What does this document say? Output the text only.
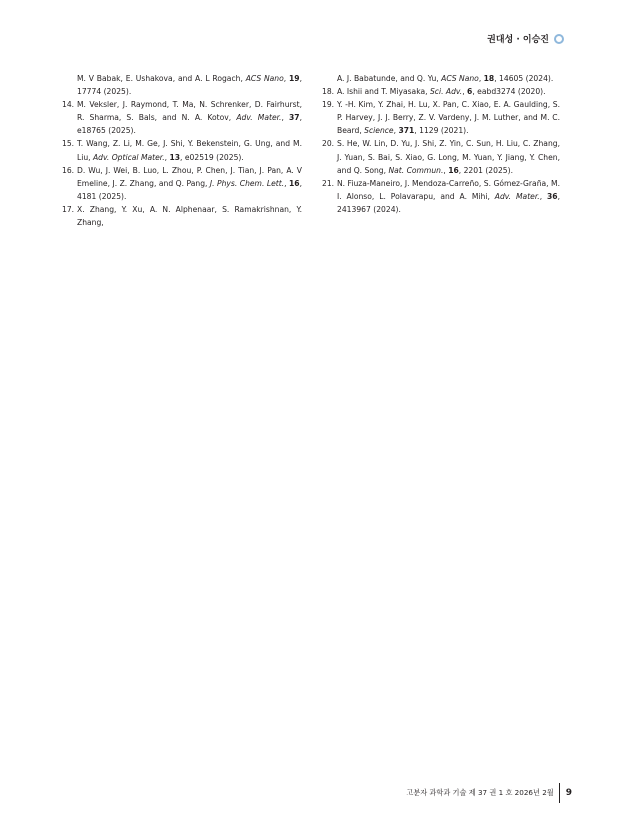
권대성 · 이승진

M. V Babak, E. Ushakova, and A. L Rogach, ACS Nano, 19, 17774 (2025).

14. M. Veksler, J. Raymond, T. Ma, N. Schrenker, D. Fairhurst, R. Sharma, S. Bals, and N. A. Kotov, Adv. Mater., 37, e18765 (2025).

15. T. Wang, Z. Li, M. Ge, J. Shi, Y. Bekenstein, G. Ung, and M. Liu, Adv. Optical Mater., 13, e02519 (2025).

16. D. Wu, J. Wei, B. Luo, L. Zhou, P. Chen, J. Tian, J. Pan, A. V Emeline, J. Z. Zhang, and Q. Pang, J. Phys. Chem. Lett., 16, 4181 (2025).

17. X. Zhang, Y. Xu, A. N. Alphenaar, S. Ramakrishnan, Y. Zhang,

A. J. Babatunde, and Q. Yu, ACS Nano, 18, 14605 (2024).

18. A. Ishii and T. Miyasaka, Sci. Adv., 6, eabd3274 (2020).

19. Y. -H. Kim, Y. Zhai, H. Lu, X. Pan, C. Xiao, E. A. Gaulding, S. P. Harvey, J. J. Berry, Z. V. Vardeny, J. M. Luther, and M. C. Beard, Science, 371, 1129 (2021).

20. S. He, W. Lin, D. Yu, J. Shi, Z. Yin, C. Sun, H. Liu, C. Zhang, J. Yuan, S. Bai, S. Xiao, G. Long, M. Yuan, Y. Jiang, Y. Chen, and Q. Song, Nat. Commun., 16, 2201 (2025).

21. N. Fiuza-Maneiro, J. Mendoza-Carreño, S. Gómez-Graña, M. I. Alonso, L. Polavarapu, and A. Mihi, Adv. Mater., 36, 2413967 (2024).

고분자 과학과 기술 제 37 권 1 호 2026년 2월 9
